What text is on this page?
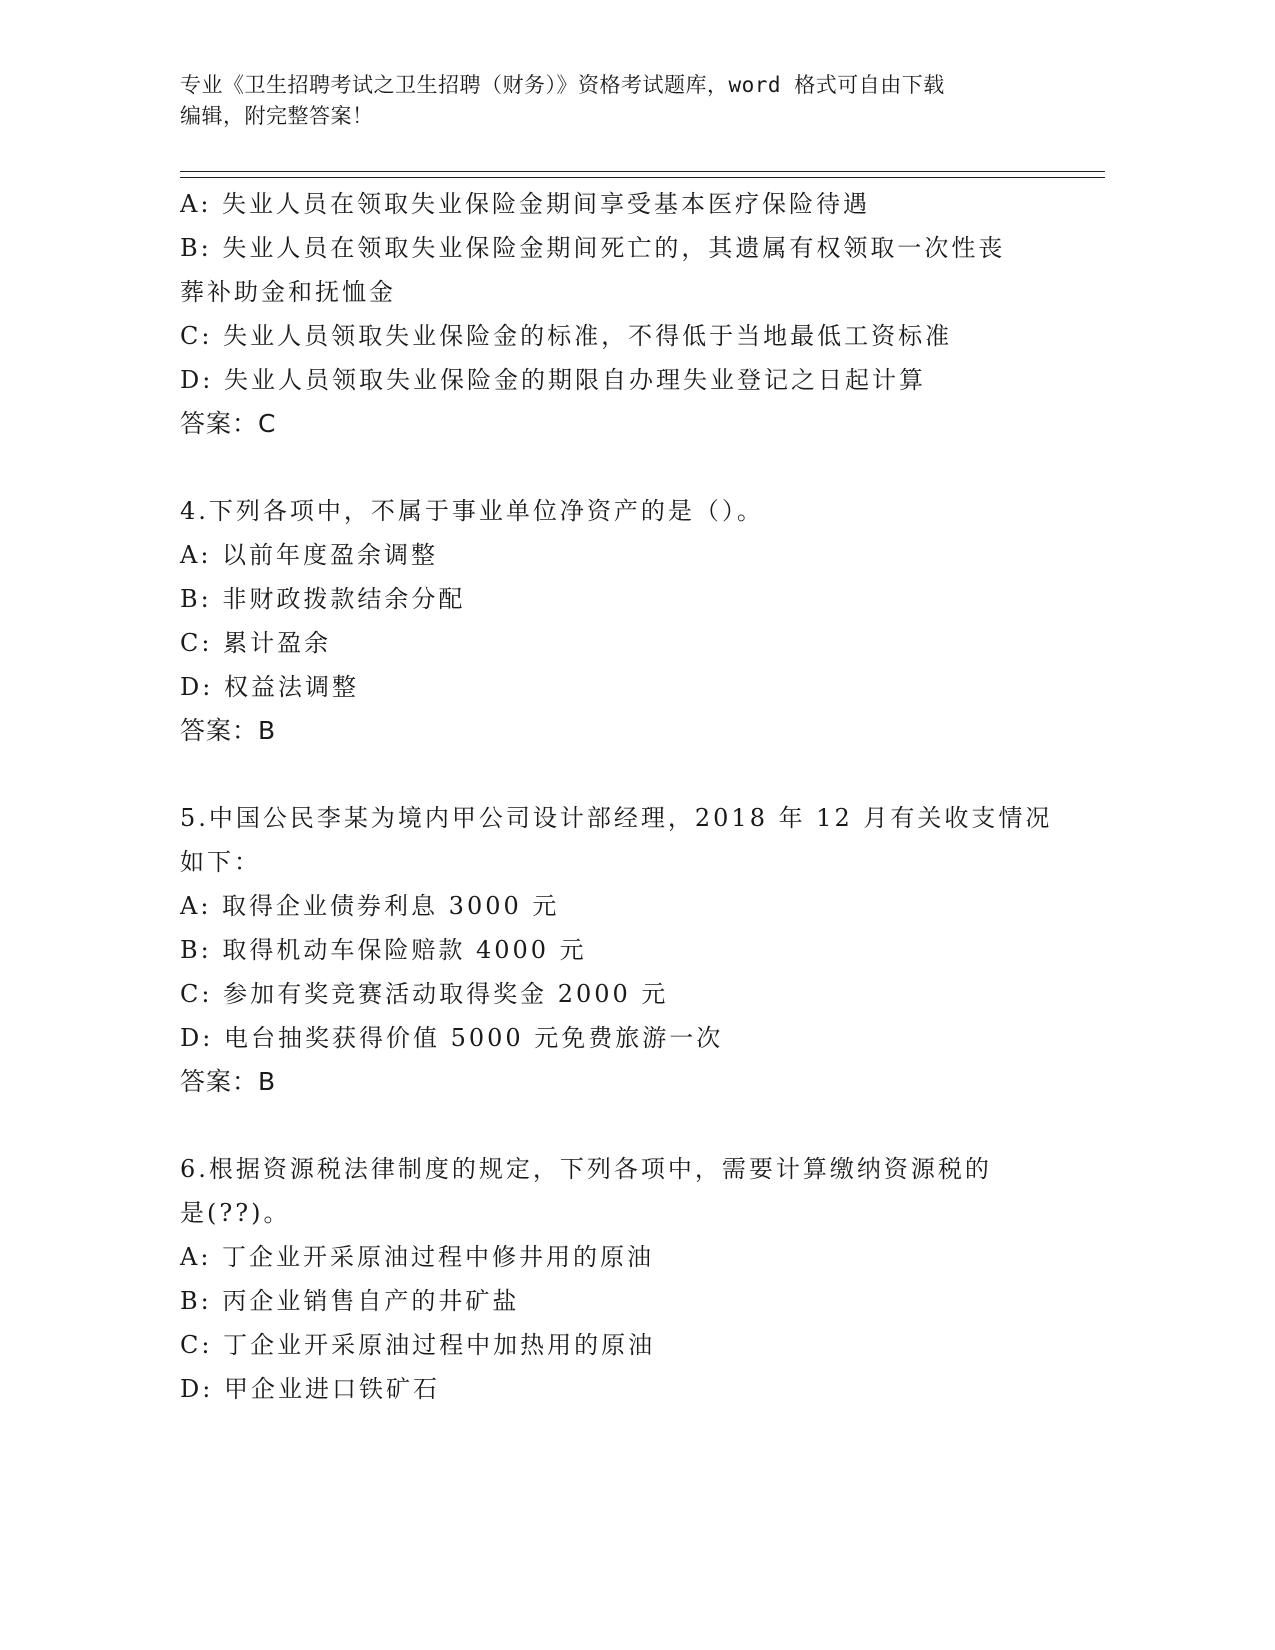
专业《卫生招聘考试之卫生招聘（财务）》资格考试题库，word 格式可自由下载
编辑，附完整答案！
A: 失业人员在领取失业保险金期间享受基本医疗保险待遇
B: 失业人员在领取失业保险金期间死亡的，其遗属有权领取一次性丧
葬补助金和抚恤金
C: 失业人员领取失业保险金的标准，不得低于当地最低工资标准
D: 失业人员领取失业保险金的期限自办理失业登记之日起计算
答案：C
4.下列各项中，不属于事业单位净资产的是（）。
A: 以前年度盈余调整
B: 非财政拨款结余分配
C: 累计盈余
D: 权益法调整
答案：B
5.中国公民李某为境内甲公司设计部经理，2018 年 12 月有关收支情况
如下：
A: 取得企业债券利息 3000 元
B: 取得机动车保险赔款 4000 元
C: 参加有奖竞赛活动取得奖金 2000 元
D: 电台抽奖获得价值 5000 元免费旅游一次
答案：B
6.根据资源税法律制度的规定，下列各项中，需要计算缴纳资源税的
是(??)。
A: 丁企业开采原油过程中修井用的原油
B: 丙企业销售自产的井矿盐
C: 丁企业开采原油过程中加热用的原油
D: 甲企业进口铁矿石
